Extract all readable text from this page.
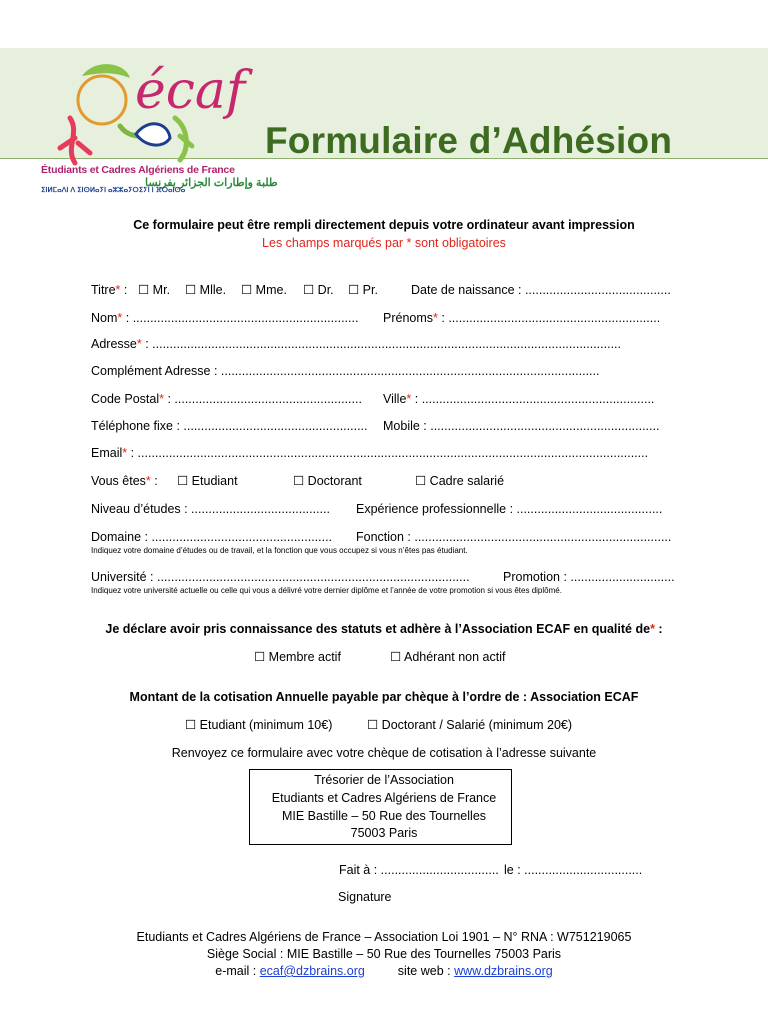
écaf
Étudiants et Cadres Algériens de France
طلبة وإطارات الجزائر بفرنسا
ⵉⵏⵍⵎⴰⴷⵏ ⴷ ⵉⵏⵙⵍⴰⵢⵏ ⴰⵣⵣⴰⵢⵔⵉⵢⵏ ⵏ ⴼⵔⴰⵏⵙⴰ
Formulaire d’Adhésion
Ce formulaire peut être rempli directement depuis votre ordinateur avant impression
Les champs marqués par * sont obligatoires
Titre* : ☐ Mr. ☐ Mlle. ☐ Mme. ☐ Dr. ☐ Pr.	Date de naissance : ..........................................
Nom* : ................................................................. Prénoms* : .............................................................
Adresse* : .......................................................................................................................................
Complément Adresse : .............................................................................................................
Code Postal* : ...................................................... Ville* : ...................................................................
Téléphone fixe : ..................................................... Mobile : ..................................................................
Email* : ...................................................................................................................................................
Vous êtes* : ☐ Etudiant	☐ Doctorant	☐ Cadre salarié
Niveau d’études : ........................................ Expérience professionnelle : ..........................................
Domaine : .................................................... Fonction : ..........................................................................
Indiquez votre domaine d’études ou de travail, et la fonction que vous occupez si vous n’êtes pas étudiant.
Université : ..........................................................................................	Promotion : ..............................
Indiquez votre université actuelle ou celle qui vous a délivré votre dernier diplôme et l’année de votre promotion si vous êtes diplômé.
Je déclare avoir pris connaissance des statuts et adhère à l’Association ECAF en qualité de* :
☐ Membre actif	☐ Adhérant non actif
Montant de la cotisation Annuelle payable par chèque à l’ordre de : Association ECAF
☐ Etudiant (minimum 10€)	☐ Doctorant / Salarié (minimum 20€)
Renvoyez ce formulaire avec votre chèque de cotisation à l’adresse suivante
Trésorier de l’Association
Etudiants et Cadres Algériens de France
MIE Bastille – 50 Rue des Tournelles
75003 Paris
Fait à : .................................. le : ..................................
Signature
Etudiants et Cadres Algériens de France – Association Loi 1901 – N° RNA : W751219065
Siège Social : MIE Bastille – 50 Rue des Tournelles 75003 Paris
e-mail : ecaf@dzbrains.org	site web : www.dzbrains.org
